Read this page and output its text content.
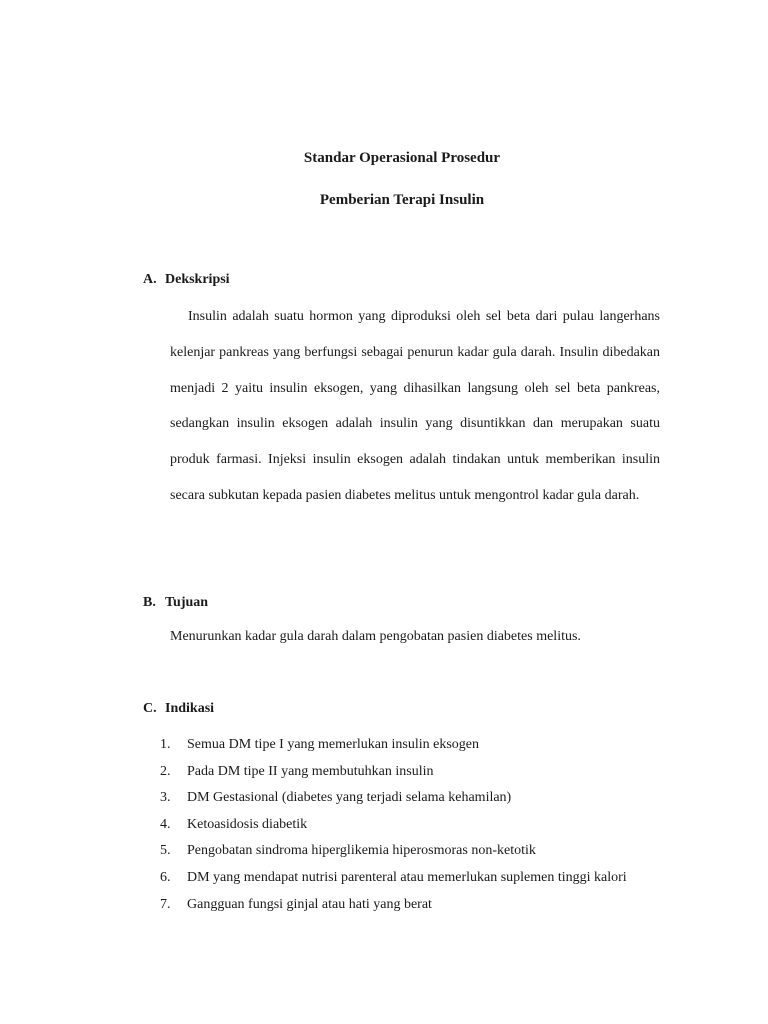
Standar Operasional Prosedur
Pemberian Terapi Insulin
A. Dekskripsi

Insulin adalah suatu hormon yang diproduksi oleh sel beta dari pulau langerhans kelenjar pankreas yang berfungsi sebagai penurun kadar gula darah. Insulin dibedakan menjadi 2 yaitu insulin eksogen, yang dihasilkan langsung oleh sel beta pankreas, sedangkan insulin eksogen adalah insulin yang disuntikkan dan merupakan suatu produk farmasi. Injeksi insulin eksogen adalah tindakan untuk memberikan insulin secara subkutan kepada pasien diabetes melitus untuk mengontrol kadar gula darah.

B. Tujuan

Menurunkan kadar gula darah dalam pengobatan pasien diabetes melitus.

C. Indikasi
1. Semua DM tipe I yang memerlukan insulin eksogen
2. Pada DM tipe II yang membutuhkan insulin
3. DM Gestasional (diabetes yang terjadi selama kehamilan)
4. Ketoasidosis diabetik
5. Pengobatan sindroma hiperglikemia hiperosmoras non-ketotik
6. DM yang mendapat nutrisi parenteral atau memerlukan suplemen tinggi kalori
7. Gangguan fungsi ginjal atau hati yang berat
